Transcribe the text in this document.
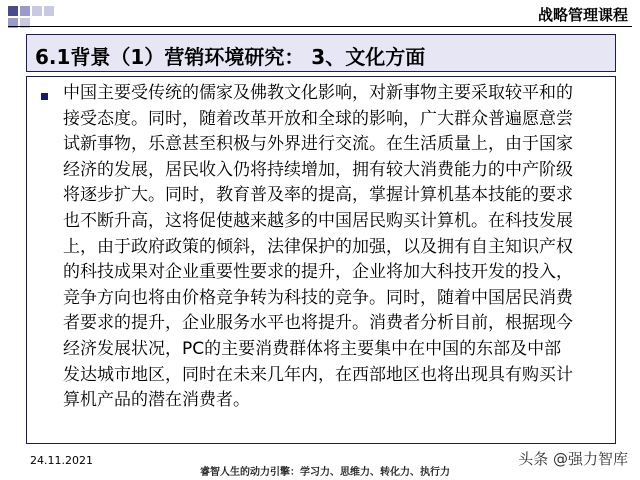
战略管理课程
6.1背景（1）营销环境研究： 3、文化方面
中国主要受传统的儒家及佛教文化影响，对新事物主要采取较平和的
接受态度。同时，随着改革开放和全球的影响，广大群众普遍愿意尝
试新事物，乐意甚至积极与外界进行交流。在生活质量上，由于国家
经济的发展，居民收入仍将持续增加，拥有较大消费能力的中产阶级
将逐步扩大。同时，教育普及率的提高，掌握计算机基本技能的要求
也不断升高，这将促使越来越多的中国居民购买计算机。在科技发展
上，由于政府政策的倾斜，法律保护的加强，以及拥有自主知识产权
的科技成果对企业重要性要求的提升，企业将加大科技开发的投入，
竞争方向也将由价格竞争转为科技的竞争。同时，随着中国居民消费
者要求的提升，企业服务水平也将提升。消费者分析目前，根据现今
经济发展状况，PC的主要消费群体将主要集中在中国的东部及中部
发达城市地区，同时在未来几年内，在西部地区也将出现具有购买计
算机产品的潜在消费者。
24.11.2021
睿智人生的动力引擎：学习力、思维力、转化力、执行力
头条 @强力智库
